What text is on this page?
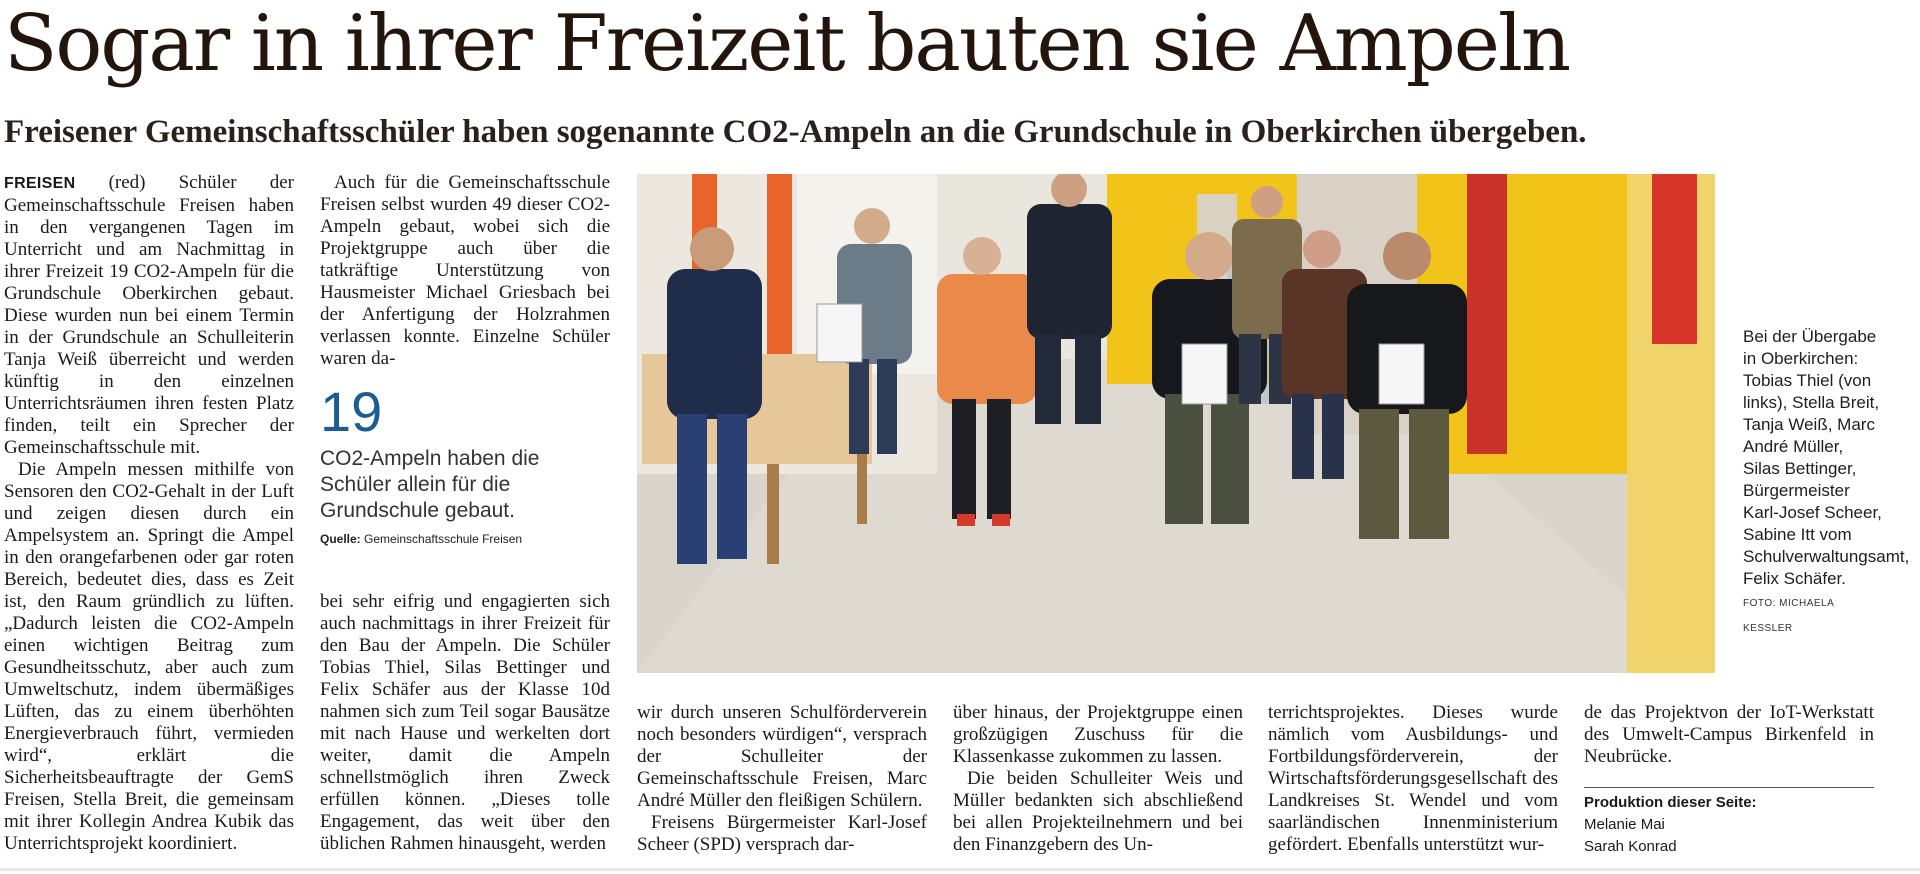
Sogar in ihrer Freizeit bauten sie Ampeln
Freisener Gemeinschaftsschüler haben sogenannte CO2-Ampeln an die Grundschule in Oberkirchen übergeben.

FREISEN (red) Schüler der Gemeinschaftsschule Freisen haben in den vergangenen Tagen im Unterricht und am Nachmittag in ihrer Freizeit 19 CO2-Ampeln für die Grundschule Oberkirchen gebaut. Diese wurden nun bei einem Termin in der Grundschule an Schulleiterin Tanja Weiß überreicht und werden künftig in den einzelnen Unterrichtsräumen ihren festen Platz finden, teilt ein Sprecher der Gemeinschaftsschule mit.

Die Ampeln messen mithilfe von Sensoren den CO2-Gehalt in der Luft und zeigen diesen durch ein Ampelsystem an. Springt die Ampel in den orangefarbenen oder gar roten Bereich, bedeutet dies, dass es Zeit ist, den Raum gründlich zu lüften. „Dadurch leisten die CO2-Ampeln einen wichtigen Beitrag zum Gesundheitsschutz, aber auch zum Umweltschutz, indem übermäßiges Lüften, das zu einem überhöhten Energieverbrauch führt, vermieden wird“, erklärt die Sicherheitsbeauftragte der GemS Freisen, Stella Breit, die gemeinsam mit ihrer Kollegin Andrea Kubik das Unterrichtsprojekt koordiniert.

Auch für die Gemeinschaftsschule Freisen selbst wurden 49 dieser CO2-Ampeln gebaut, wobei sich die Projektgruppe auch über die tatkräftige Unterstützung von Hausmeister Michael Griesbach bei der Anfertigung der Holzrahmen verlassen konnte. Einzelne Schüler waren da-

19
CO2-Ampeln haben die Schüler allein für die Grundschule gebaut.
Quelle: Gemeinschaftsschule Freisen

bei sehr eifrig und engagierten sich auch nachmittags in ihrer Freizeit für den Bau der Ampeln. Die Schüler Tobias Thiel, Silas Bettinger und Felix Schäfer aus der Klasse 10d nahmen sich zum Teil sogar Bausätze mit nach Hause und werkelten dort weiter, damit die Ampeln schnellstmöglich ihren Zweck erfüllen können. „Dieses tolle Engagement, das weit über den üblichen Rahmen hinausgeht, werden

Bei der Übergabe in Oberkirchen: Tobias Thiel (von links), Stella Breit, Tanja Weiß, Marc André Müller, Silas Bettinger, Bürgermeister Karl-Josef Scheer, Sabine Itt vom Schulverwaltungsamt, Felix Schäfer. FOTO: MICHAELA KESSLER

wir durch unseren Schulförderverein noch besonders würdigen“, versprach der Schulleiter der Gemeinschaftsschule Freisen, Marc André Müller den fleißigen Schülern.

Freisens Bürgermeister Karl-Josef Scheer (SPD) versprach dar-

über hinaus, der Projektgruppe einen großzügigen Zuschuss für die Klassenkasse zukommen zu lassen.

Die beiden Schulleiter Weis und Müller bedankten sich abschließend bei allen Projekteilnehmern und bei den Finanzgebern des Un-

terrichtsprojektes. Dieses wurde nämlich vom Ausbildungs- und Fortbildungsförderverein, der Wirtschaftsförderungsgesellschaft des Landkreises St. Wendel und vom saarländischen Innenministerium gefördert. Ebenfalls unterstützt wur-

de das Projektvon der IoT-Werkstatt des Umwelt-Campus Birkenfeld in Neubrücke.

Produktion dieser Seite:
Melanie Mai
Sarah Konrad
